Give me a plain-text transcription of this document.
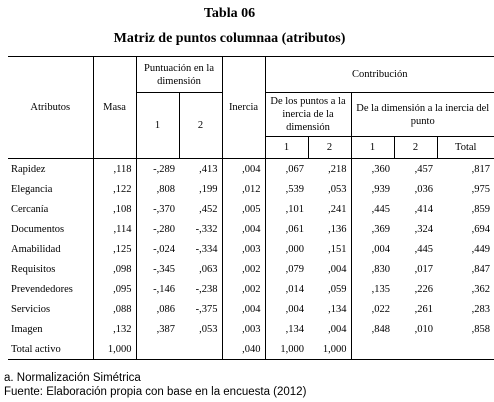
Tabla 06
Matriz de puntos columnaa (atributos)
Atributos	Masa	Puntuación en la dimensión		Inercia	Contribución				
		1	2		De los puntos a la inercia de la dimensión		De la dimensión a la inercia del punto		
					1	2	1	2	Total
Rapidez	,118	-,289	,413	,004	,067	,218	,360	,457	,817
Elegancia	,122	,808	,199	,012	,539	,053	,939	,036	,975
Cercanía	,108	-,370	,452	,005	,101	,241	,445	,414	,859
Documentos	,114	-,280	-,332	,004	,061	,136	,369	,324	,694
Amabilidad	,125	-,024	-,334	,003	,000	,151	,004	,445	,449
Requisitos	,098	-,345	,063	,002	,079	,004	,830	,017	,847
Prevendedores	,095	-,146	-,238	,002	,014	,059	,135	,226	,362
Servicios	,088	,086	-,375	,004	,004	,134	,022	,261	,283
Imagen	,132	,387	,053	,003	,134	,004	,848	,010	,858
Total activo	1,000			,040	1,000	1,000			
a. Normalización Simétrica
Fuente: Elaboración propia con base en la encuesta (2012)
